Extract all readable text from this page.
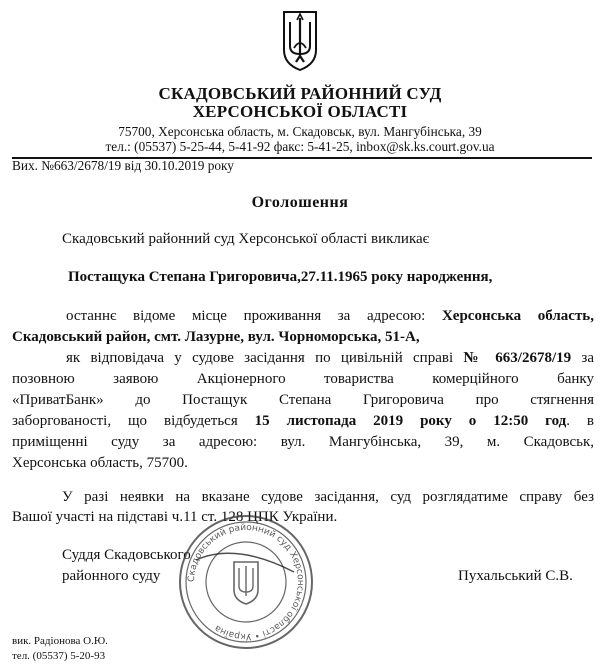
СКАДОВСЬКИЙ РАЙОННИЙ СУД
ХЕРСОНСЬКОЇ ОБЛАСТІ
75700, Херсонська область, м. Скадовськ, вул. Мангубінська, 39
тел.: (05537) 5-25-44, 5-41-92 факс: 5-41-25, inbox@sk.ks.court.gov.ua
Вих. №663/2678/19 від 30.10.2019 року
Оголошення
Скадовський районний суд Херсонської області викликає
Постащука Степана Григоровича,27.11.1965 року народження,
останнє відоме місце проживання за адресою: Херсонська область,
Скадовський район, смт. Лазурне, вул. Чорноморська, 51-А,
як відповідача у судове засідання по цивільній справі № 663/2678/19 за
позовною заявою Акціонерного товариства комерційного банку
«ПриватБанк» до Постащук Степана Григоровича про стягнення
заборгованості, що відбудеться 15 листопада 2019 року о 12:50 год. в
приміщенні суду за адресою: вул. Мангубінська, 39, м. Скадовськ,
Херсонська область, 75700.
У разі неявки на вказане судове засідання, суд розглядатиме справу без
Вашої участі на підставі ч.11 ст. 128 ЦПК України.
Суддя Скадовського
районного суду	Пухальський С.В.
Скадовський районний суд Херсонської області • Україна
вик. Радіонова О.Ю.
тел. (05537) 5-20-93
